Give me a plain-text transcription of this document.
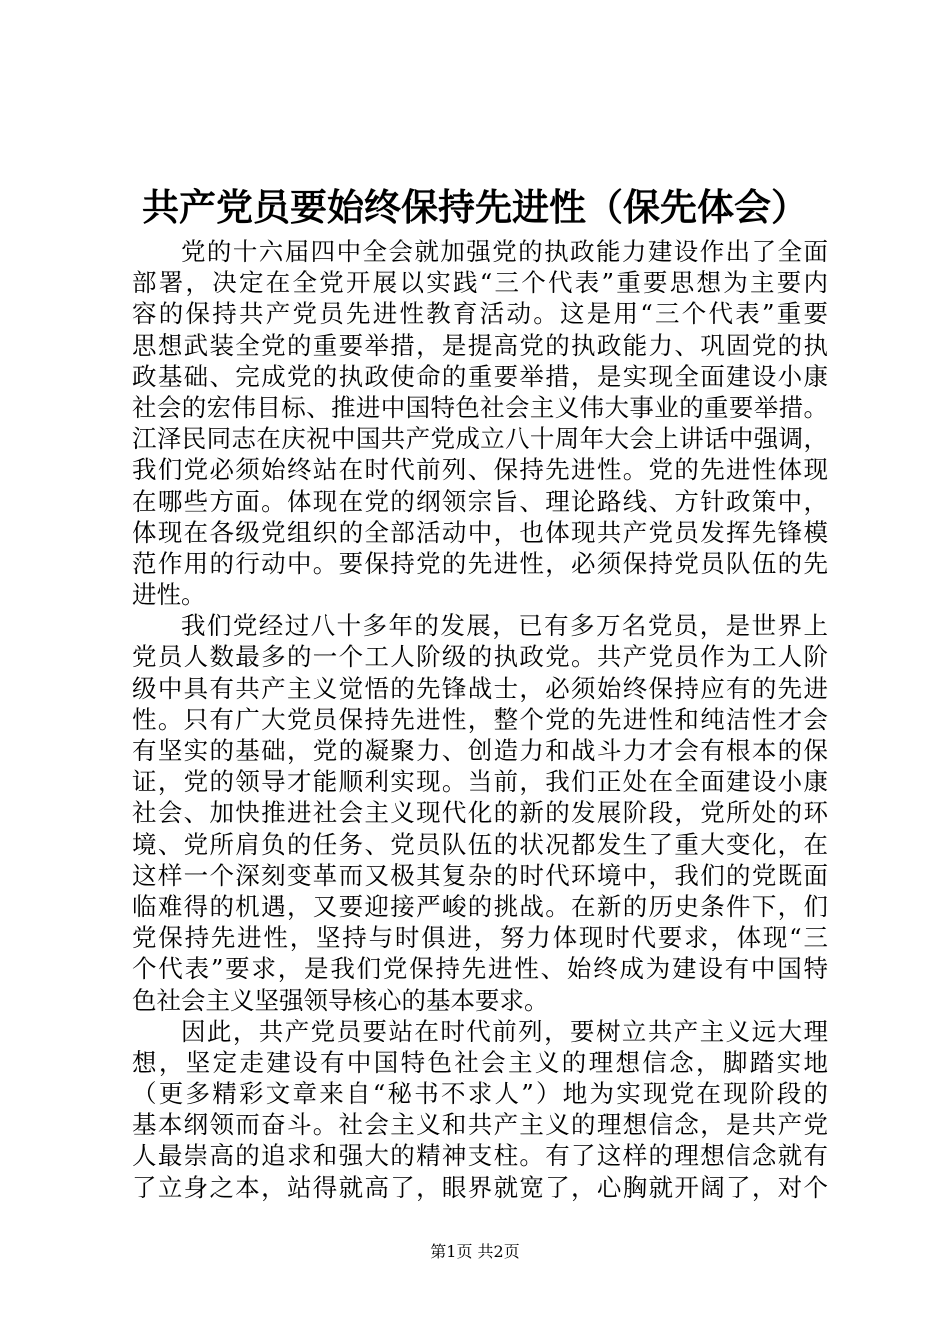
共产党员要始终保持先进性（保先体会）
党的十六届四中全会就加强党的执政能力建设作出了全面
部署，决定在全党开展以实践“三个代表”重要思想为主要内
容的保持共产党员先进性教育活动。这是用“三个代表”重要
思想武装全党的重要举措，是提高党的执政能力、巩固党的执
政基础、完成党的执政使命的重要举措，是实现全面建设小康
社会的宏伟目标、推进中国特色社会主义伟大事业的重要举措。
江泽民同志在庆祝中国共产党成立八十周年大会上讲话中强调，
我们党必须始终站在时代前列、保持先进性。党的先进性体现
在哪些方面。体现在党的纲领宗旨、理论路线、方针政策中，
体现在各级党组织的全部活动中，也体现共产党员发挥先锋模
范作用的行动中。要保持党的先进性，必须保持党员队伍的先
进性。
我们党经过八十多年的发展，已有多万名党员，是世界上
党员人数最多的一个工人阶级的执政党。共产党员作为工人阶
级中具有共产主义觉悟的先锋战士，必须始终保持应有的先进
性。只有广大党员保持先进性，整个党的先进性和纯洁性才会
有坚实的基础，党的凝聚力、创造力和战斗力才会有根本的保
证，党的领导才能顺利实现。当前，我们正处在全面建设小康
社会、加快推进社会主义现代化的新的发展阶段，党所处的环
境、党所肩负的任务、党员队伍的状况都发生了重大变化，在
这样一个深刻变革而又极其复杂的时代环境中，我们的党既面
临难得的机遇，又要迎接严峻的挑战。在新的历史条件下，们
党保持先进性，坚持与时俱进，努力体现时代要求，体现“三
个代表”要求，是我们党保持先进性、始终成为建设有中国特
色社会主义坚强领导核心的基本要求。
因此，共产党员要站在时代前列，要树立共产主义远大理
想，坚定走建设有中国特色社会主义的理想信念，脚踏实地
（更多精彩文章来自“秘书不求人”）地为实现党在现阶段的
基本纲领而奋斗。社会主义和共产主义的理想信念，是共产党
人最崇高的追求和强大的精神支柱。有了这样的理想信念就有
了立身之本，站得就高了，眼界就宽了，心胸就开阔了，对个
第1页 共2页
